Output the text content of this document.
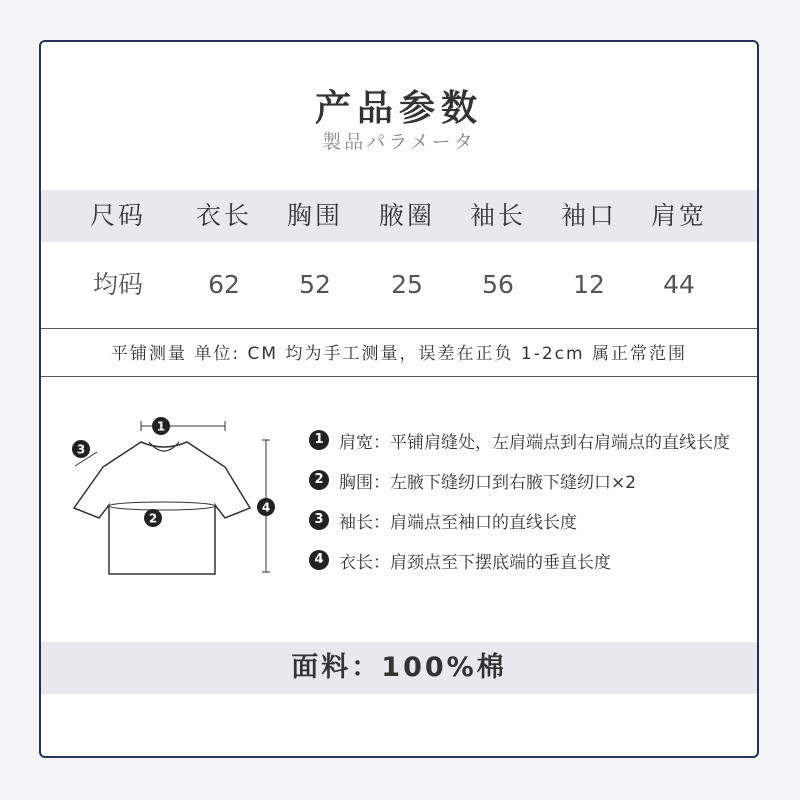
产品参数
製品パラメータ
尺码	衣长	胸围	腋圈	袖长	袖口	肩宽
均码	62	52	25	56	12	44
平铺测量 单位: CM 均为手工测量，误差在正负 1-2cm 属正常范围
1
2
3
4
1 肩宽：平铺肩缝处，左肩端点到右肩端点的直线长度
2 胸围：左腋下缝纫口到右腋下缝纫口×2
3 袖长：肩端点至袖口的直线长度
4 衣长：肩颈点至下摆底端的垂直长度
面料：100%棉
